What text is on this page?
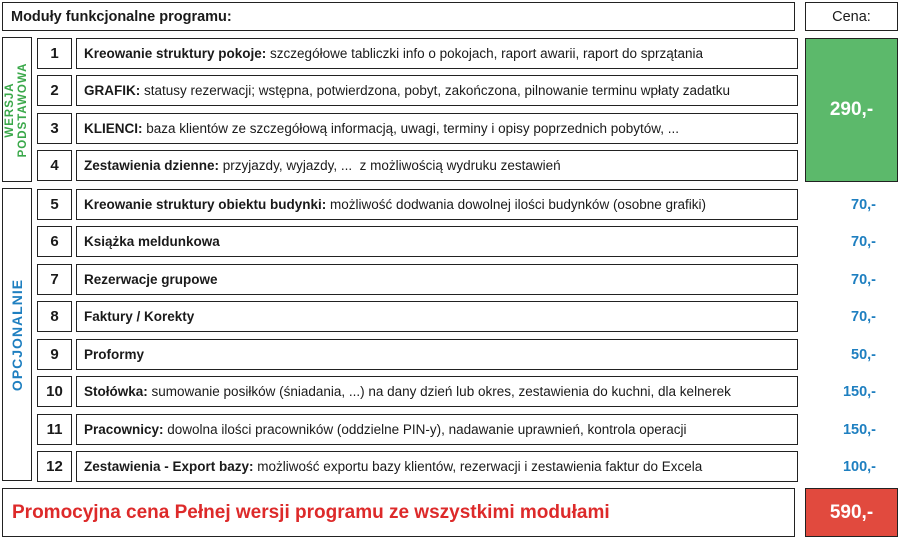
Moduły funkcjonalne programu:	Cena:
WERSJA PODSTAWOWA
1 Kreowanie struktury pokoje: szczegółowe tabliczki info o pokojach, raport awarii, raport do sprzątania
2 GRAFIK: statusy rezerwacji; wstępna, potwierdzona, pobyt, zakończona, pilnowanie terminu wpłaty zadatku
3 KLIENCI: baza klientów ze szczegółową informacją, uwagi, terminy i opisy poprzednich pobytów, ...
4 Zestawienia dzienne: przyjazdy, wyjazdy, ...  z możliwością wydruku zestawień
290,-
OPCJONALNIE
5 Kreowanie struktury obiektu budynki: możliwość dodwania dowolnej ilości budynków (osobne grafiki)	70,-
6 Książka meldunkowa	70,-
7 Rezerwacje grupowe	70,-
8 Faktury / Korekty	70,-
9 Proformy	50,-
10 Stołówka: sumowanie posiłków (śniadania, ...) na dany dzień lub okres, zestawienia do kuchni, dla kelnerek	150,-
11 Pracownicy: dowolna ilości pracowników (oddzielne PIN-y), nadawanie uprawnień, kontrola operacji	150,-
12 Zestawienia - Export bazy: możliwość exportu bazy klientów, rezerwacji i zestawienia faktur do Excela	100,-
Promocyjna cena Pełnej wersji programu ze wszystkimi modułami	590,-
